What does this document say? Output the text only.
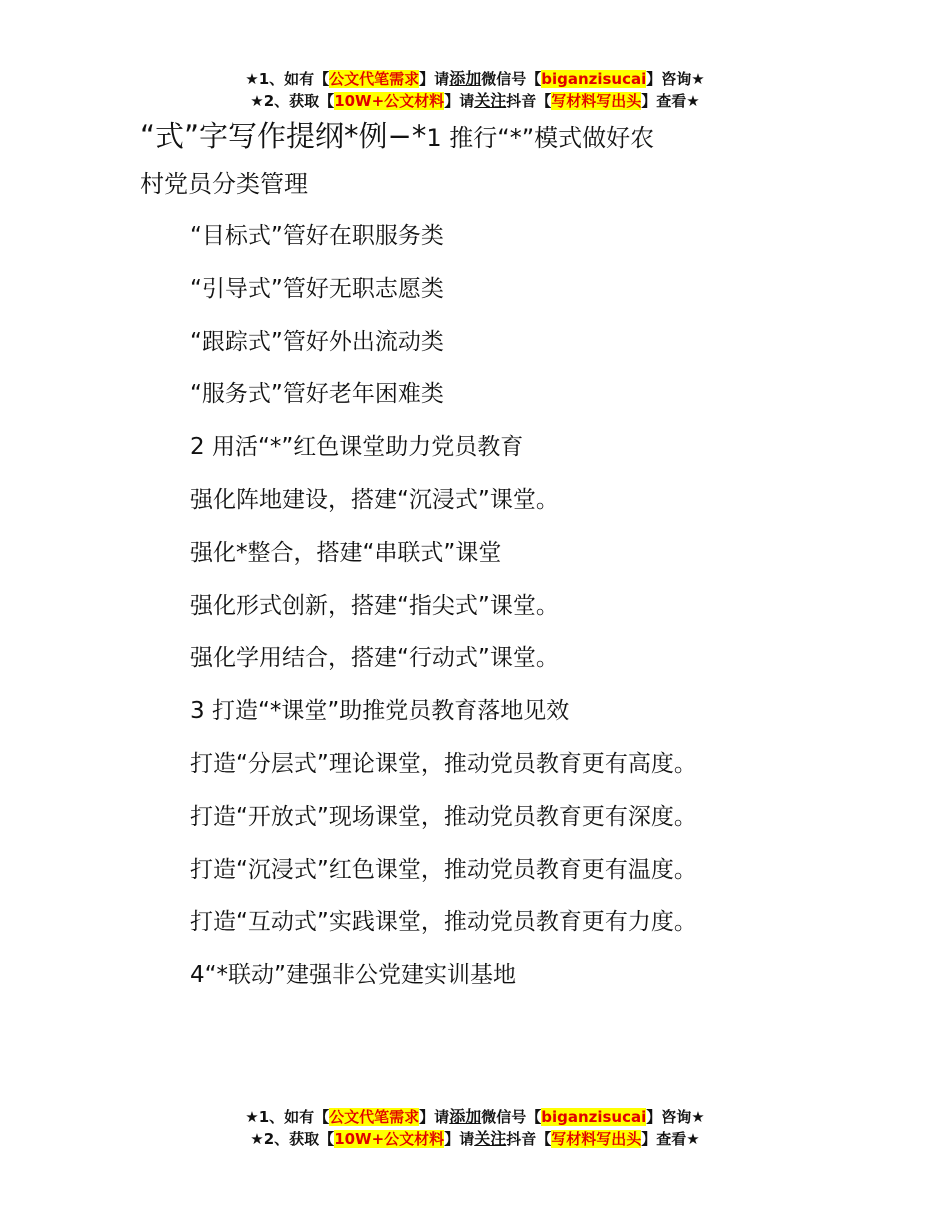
★1、如有【公文代笔需求】请添加微信号【biganzisucai】咨询★
★2、获取【10W+公文材料】请关注抖音【写材料写出头】查看★
“式”字写作提纲*例−*1 推行“*”模式做好农
村党员分类管理
“目标式”管好在职服务类
“引导式”管好无职志愿类
“跟踪式”管好外出流动类
“服务式”管好老年困难类
2 用活“*”红色课堂助力党员教育
强化阵地建设，搭建“沉浸式”课堂。
强化*整合，搭建“串联式”课堂
强化形式创新，搭建“指尖式”课堂。
强化学用结合，搭建“行动式”课堂。
3 打造“*课堂”助推党员教育落地见效
打造“分层式”理论课堂，推动党员教育更有高度。
打造“开放式”现场课堂，推动党员教育更有深度。
打造“沉浸式”红色课堂，推动党员教育更有温度。
打造“互动式”实践课堂，推动党员教育更有力度。
4“*联动”建强非公党建实训基地
★1、如有【公文代笔需求】请添加微信号【biganzisucai】咨询★
★2、获取【10W+公文材料】请关注抖音【写材料写出头】查看★
